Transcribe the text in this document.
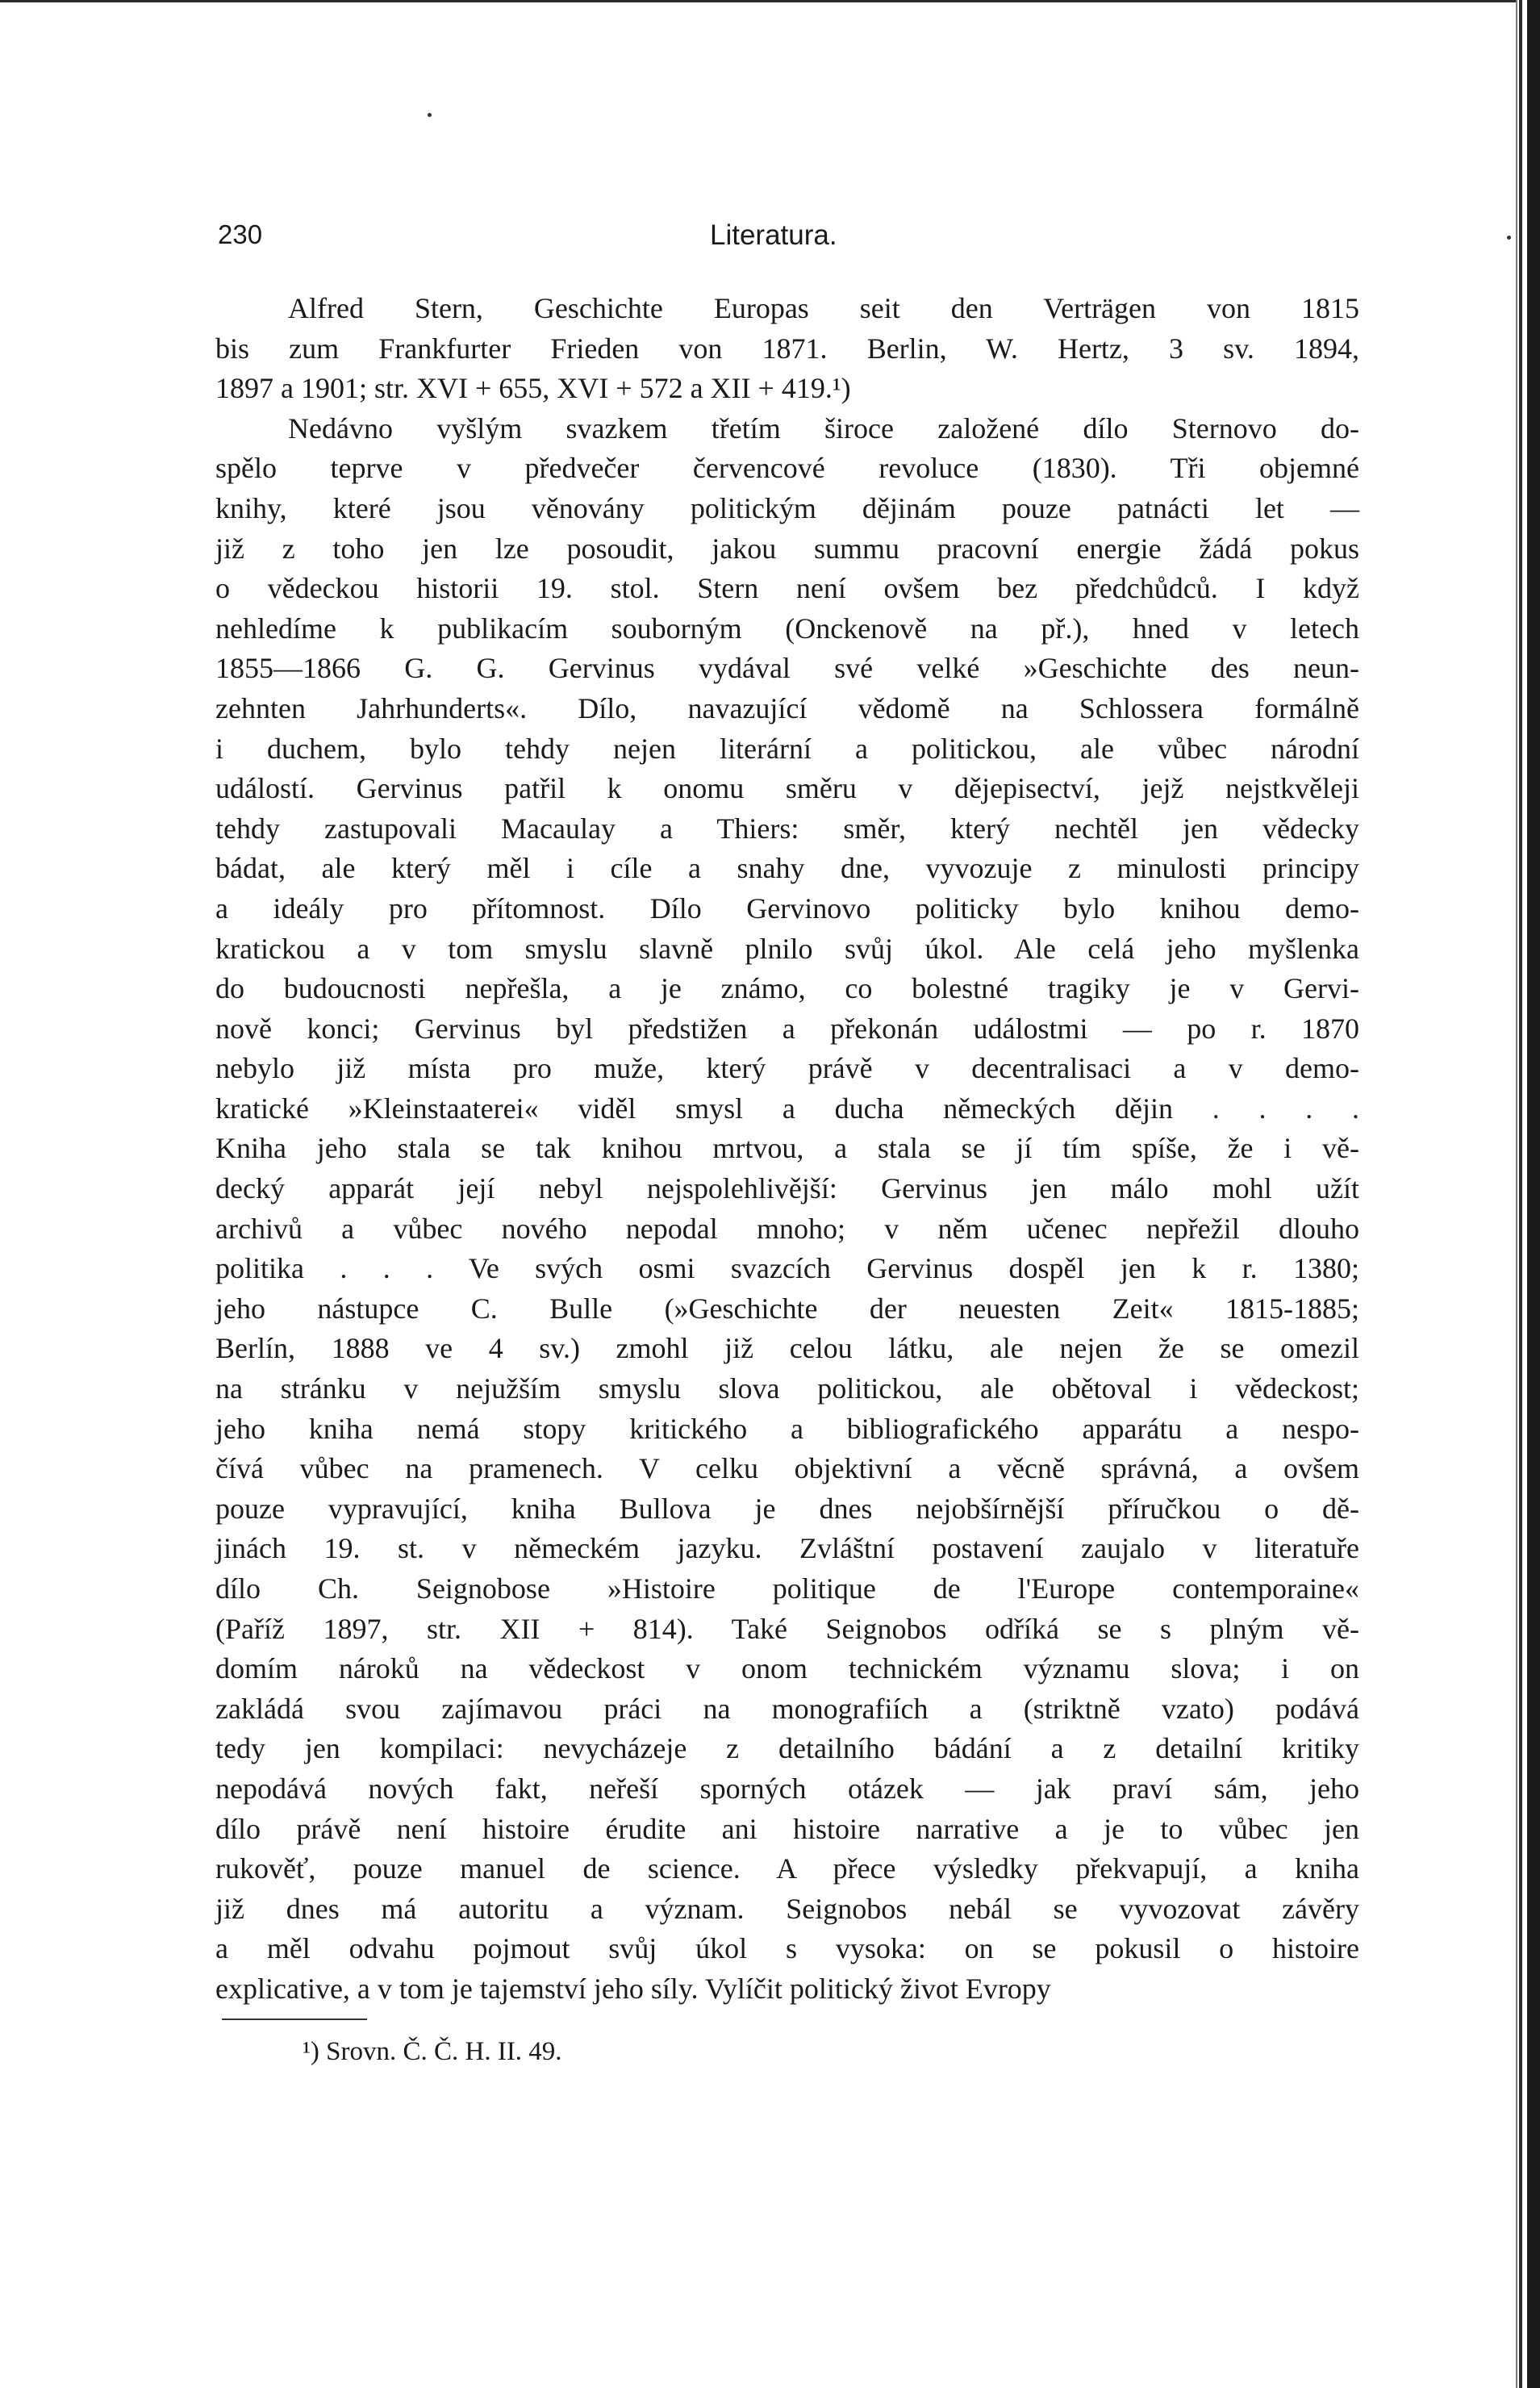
230	Literatura.
Alfred Stern, Geschichte Europas seit den Verträgen von 1815
bis zum Frankfurter Frieden von 1871. Berlin, W. Hertz, 3 sv. 1894,
1897 a 1901; str. XVI + 655, XVI + 572 a XII + 419.¹)
Nedávno vyšlým svazkem třetím široce založené dílo Sternovo do-
spělo teprve v předvečer červencové revoluce (1830). Tři objemné
knihy, které jsou věnovány politickým dějinám pouze patnácti let —
již z toho jen lze posoudit, jakou summu pracovní energie žádá pokus
o vědeckou historii 19. stol. Stern není ovšem bez předchůdců. I když
nehledíme k publikacím souborným (Onckenově na př.), hned v letech
1855—1866 G. G. Gervinus vydával své velké »Geschichte des neun-
zehnten Jahrhunderts«. Dílo, navazující vědomě na Schlossera formálně
i duchem, bylo tehdy nejen literární a politickou, ale vůbec národní
událostí. Gervinus patřil k onomu směru v dějepisectví, jejž nejstkvěleji
tehdy zastupovali Macaulay a Thiers: směr, který nechtěl jen vědecky
bádat, ale který měl i cíle a snahy dne, vyvozuje z minulosti principy
a ideály pro přítomnost. Dílo Gervinovo politicky bylo knihou demo-
kratickou a v tom smyslu slavně plnilo svůj úkol. Ale celá jeho myšlenka
do budoucnosti nepřešla, a je známo, co bolestné tragiky je v Gervi-
nově konci; Gervinus byl předstižen a překonán událostmi — po r. 1870
nebylo již místa pro muže, který právě v decentralisaci a v demo-
kratické »Kleinstaaterei« viděl smysl a ducha německých dějin . . . .
Kniha jeho stala se tak knihou mrtvou, a stala se jí tím spíše, že i vě-
decký apparát její nebyl nejspolehlivější: Gervinus jen málo mohl užít
archivů a vůbec nového nepodal mnoho; v něm učenec nepřežil dlouho
politika . . . Ve svých osmi svazcích Gervinus dospěl jen k r. 1380;
jeho nástupce C. Bulle (»Geschichte der neuesten Zeit« 1815-1885;
Berlín, 1888 ve 4 sv.) zmohl již celou látku, ale nejen že se omezil
na stránku v nejužším smyslu slova politickou, ale obětoval i vědeckost;
jeho kniha nemá stopy kritického a bibliografického apparátu a nespo-
čívá vůbec na pramenech. V celku objektivní a věcně správná, a ovšem
pouze vypravující, kniha Bullova je dnes nejobšírnější příručkou o dě-
jinách 19. st. v německém jazyku. Zvláštní postavení zaujalo v literatuře
dílo Ch. Seignobose »Histoire politique de l'Europe contemporaine«
(Paříž 1897, str. XII + 814). Také Seignobos odříká se s plným vě-
domím nároků na vědeckost v onom technickém významu slova; i on
zakládá svou zajímavou práci na monografiích a (striktně vzato) podává
tedy jen kompilaci: nevycházeje z detailního bádání a z detailní kritiky
nepodává nových fakt, neřeší sporných otázek — jak praví sám, jeho
dílo právě není histoire érudite ani histoire narrative a je to vůbec jen
rukověť, pouze manuel de science. A přece výsledky překvapují, a kniha
již dnes má autoritu a význam. Seignobos nebál se vyvozovat závěry
a měl odvahu pojmout svůj úkol s vysoka: on se pokusil o histoire
explicative, a v tom je tajemství jeho síly. Vylíčit politický život Evropy
¹) Srovn. Č. Č. H. II. 49.
